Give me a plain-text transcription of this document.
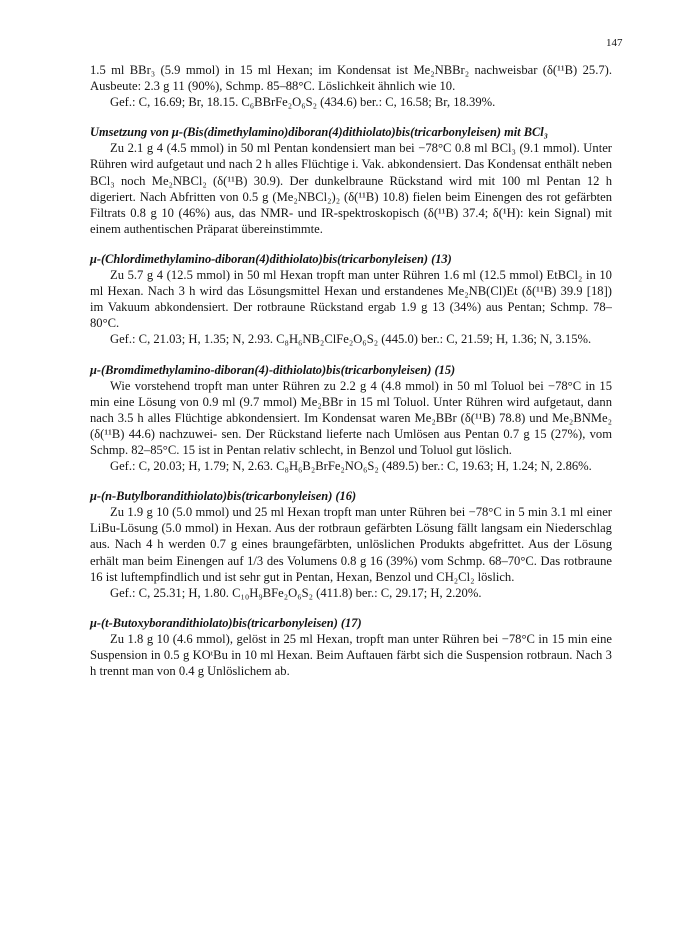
147
1.5 ml BBr₃ (5.9 mmol) in 15 ml Hexan; im Kondensat ist Me₂NBBr₂ nachweisbar (δ(¹¹B) 25.7). Ausbeute: 2.3 g 11 (90%), Schmp. 85–88°C. Löslichkeit ähnlich wie 10.
Gef.: C, 16.69; Br, 18.15. C₆BBrFe₂O₆S₂ (434.6) ber.: C, 16.58; Br, 18.39%.
Umsetzung von μ-(Bis(dimethylamino)diboran(4)dithiolato)bis(tricarbonyleisen) mit BCl₃
Zu 2.1 g 4 (4.5 mmol) in 50 ml Pentan kondensiert man bei −78°C 0.8 ml BCl₃ (9.1 mmol). Unter Rühren wird aufgetaut und nach 2 h alles Flüchtige i. Vak. abkondensiert. Das Kondensat enthält neben BCl₃ noch Me₂NBCl₂ (δ(¹¹B) 30.9). Der dunkelbraune Rückstand wird mit 100 ml Pentan 12 h digeriert. Nach Abfritten von 0.5 g (Me₂NBCl₂)₂ (δ(¹¹B) 10.8) fielen beim Einengen des rot gefärbten Filtrats 0.8 g 10 (46%) aus, das NMR- und IR-spektroskopisch (δ(¹¹B) 37.4; δ(¹H): kein Signal) mit einem authentischen Präparat übereinstimmte.
μ-(Chlordimethylamino-diboran(4)dithiolato)bis(tricarbonyleisen) (13)
Zu 5.7 g 4 (12.5 mmol) in 50 ml Hexan tropft man unter Rühren 1.6 ml (12.5 mmol) EtBCl₂ in 10 ml Hexan. Nach 3 h wird das Lösungsmittel Hexan und erstandenes Me₂NB(Cl)Et (δ(¹¹B) 39.9 [18]) im Vakuum abkondensiert. Der rotbraune Rückstand ergab 1.9 g 13 (34%) aus Pentan; Schmp. 78–80°C.
Gef.: C, 21.03; H, 1.35; N, 2.93. C₈H₆NB₂ClFe₂O₆S₂ (445.0) ber.: C, 21.59; H, 1.36; N, 3.15%.
μ-(Bromdimethylamino-diboran(4)-dithiolato)bis(tricarbonyleisen) (15)
Wie vorstehend tropft man unter Rühren zu 2.2 g 4 (4.8 mmol) in 50 ml Toluol bei −78°C in 15 min eine Lösung von 0.9 ml (9.7 mmol) Me₂BBr in 15 ml Toluol. Unter Rühren wird aufgetaut, dann nach 3.5 h alles Flüchtige abkondensiert. Im Kondensat waren Me₂BBr (δ(¹¹B) 78.8) und Me₂BNMe₂ (δ(¹¹B) 44.6) nachzuwei- sen. Der Rückstand lieferte nach Umlösen aus Pentan 0.7 g 15 (27%), vom Schmp. 82–85°C. 15 ist in Pentan relativ schlecht, in Benzol und Toluol gut löslich.
Gef.: C, 20.03; H, 1.79; N, 2.63. C₈H₆B₂BrFe₂NO₆S₂ (489.5) ber.: C, 19.63; H, 1.24; N, 2.86%.
μ-(n-Butylborandithiolato)bis(tricarbonyleisen) (16)
Zu 1.9 g 10 (5.0 mmol) und 25 ml Hexan tropft man unter Rühren bei −78°C in 5 min 3.1 ml einer LiBu-Lösung (5.0 mmol) in Hexan. Aus der rotbraun gefärbten Lösung fällt langsam ein Niederschlag aus. Nach 4 h werden 0.7 g eines braungefärbten, unlöslichen Produkts abgefrittet. Aus der Lösung erhält man beim Einengen auf 1/3 des Volumens 0.8 g 16 (39%) vom Schmp. 68–70°C. Das rotbraune 16 ist luftempfindlich und ist sehr gut in Pentan, Hexan, Benzol und CH₂Cl₂ löslich.
Gef.: C, 25.31; H, 1.80. C₁₀H₉BFe₂O₆S₂ (411.8) ber.: C, 29.17; H, 2.20%.
μ-(t-Butoxyborandithiolato)bis(tricarbonyleisen) (17)
Zu 1.8 g 10 (4.6 mmol), gelöst in 25 ml Hexan, tropft man unter Rühren bei −78°C in 15 min eine Suspension in 0.5 g KOᵗBu in 10 ml Hexan. Beim Auftauen färbt sich die Suspension rotbraun. Nach 3 h trennt man von 0.4 g Unlöslichem ab.
